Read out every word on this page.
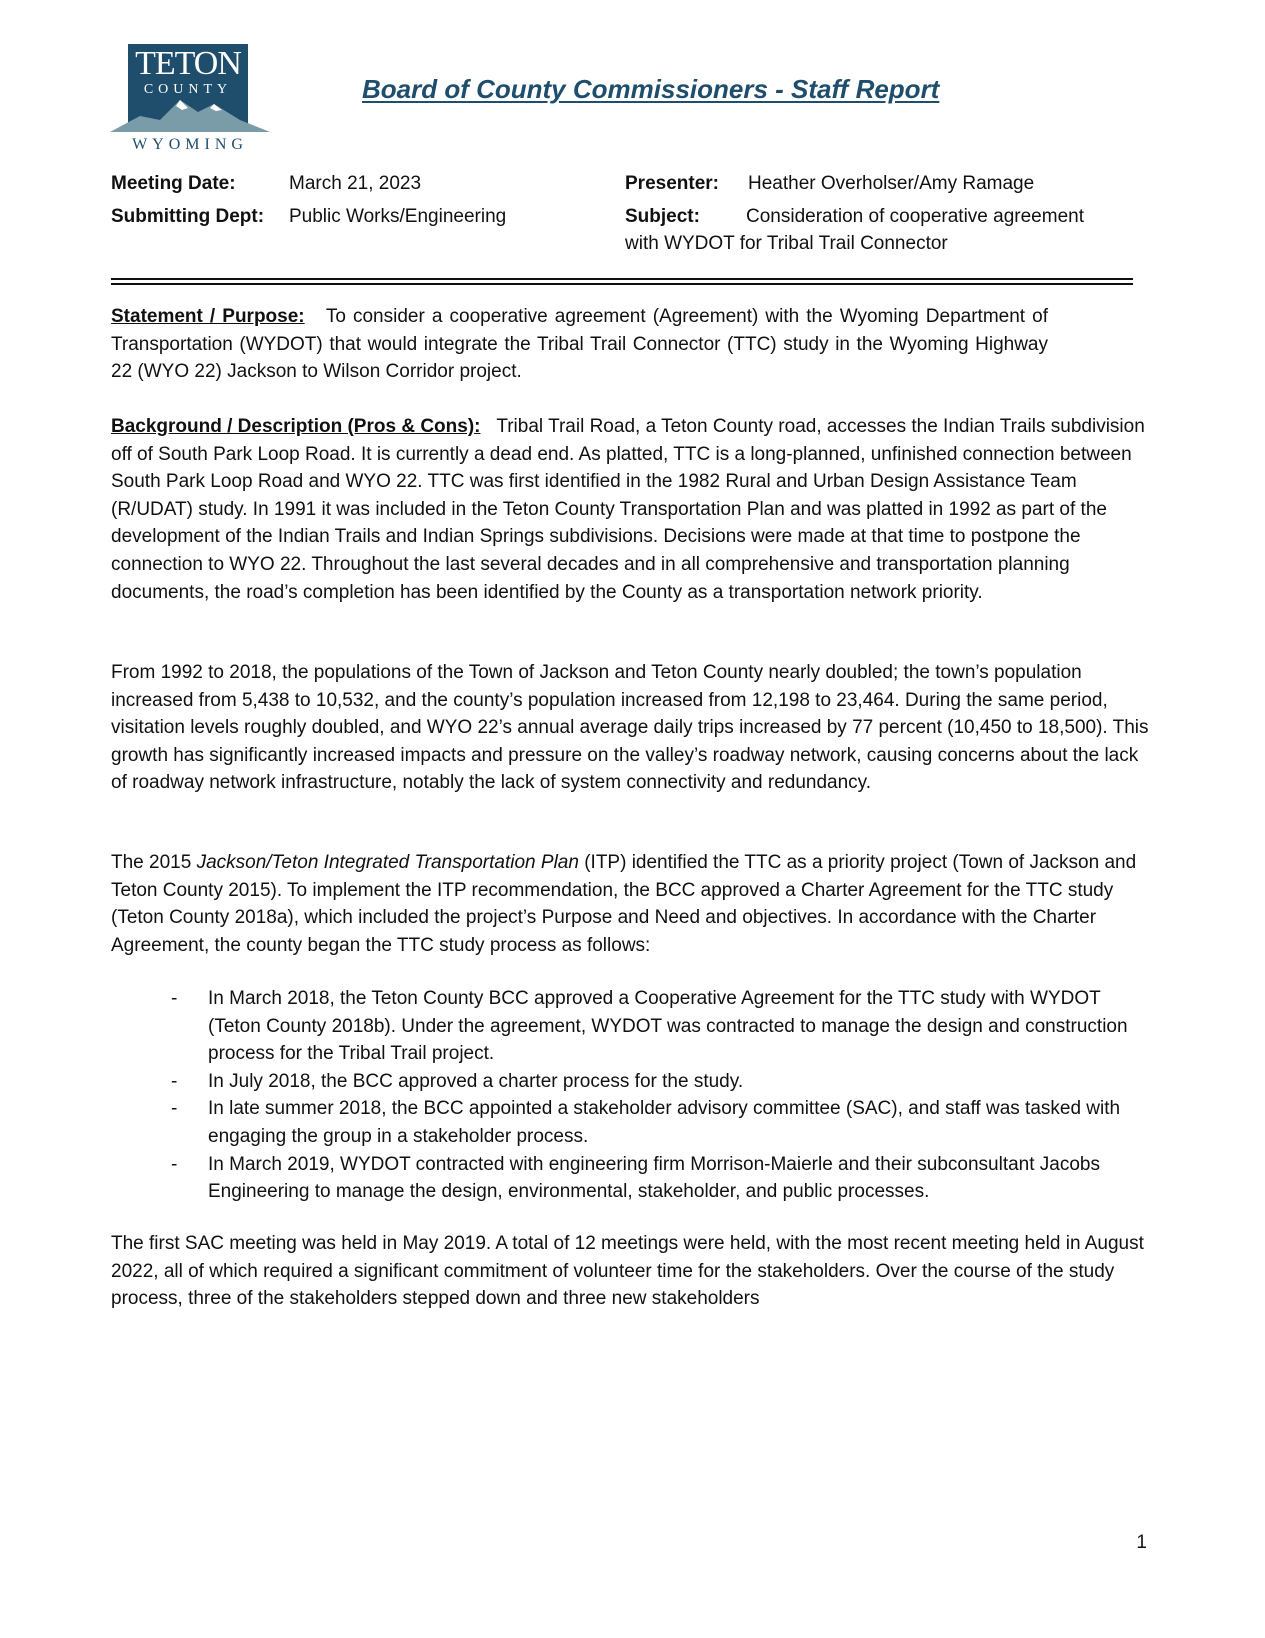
TETON
COUNTY
WYOMING
Board of County Commissioners - Staff Report
Meeting Date:	March 21, 2023
Submitting Dept: Public Works/Engineering
Presenter: Heather Overholser/Amy Ramage
Subject: Consideration of cooperative agreement
with WYDOT for Tribal Trail Connector

Statement / Purpose: To consider a cooperative agreement (Agreement) with the Wyoming Department of Transportation (WYDOT) that would integrate the Tribal Trail Connector (TTC) study in the Wyoming Highway 22 (WYO 22) Jackson to Wilson Corridor project.

Background / Description (Pros & Cons): Tribal Trail Road, a Teton County road, accesses the Indian Trails subdivision off of South Park Loop Road. It is currently a dead end. As platted, TTC is a long-planned, unfinished connection between South Park Loop Road and WYO 22. TTC was first identified in the 1982 Rural and Urban Design Assistance Team (R/UDAT) study. In 1991 it was included in the Teton County Transportation Plan and was platted in 1992 as part of the development of the Indian Trails and Indian Springs subdivisions. Decisions were made at that time to postpone the connection to WYO 22. Throughout the last several decades and in all comprehensive and transportation planning documents, the road’s completion has been identified by the County as a transportation network priority.

From 1992 to 2018, the populations of the Town of Jackson and Teton County nearly doubled; the town’s population increased from 5,438 to 10,532, and the county’s population increased from 12,198 to 23,464. During the same period, visitation levels roughly doubled, and WYO 22’s annual average daily trips increased by 77 percent (10,450 to 18,500). This growth has significantly increased impacts and pressure on the valley’s roadway network, causing concerns about the lack of roadway network infrastructure, notably the lack of system connectivity and redundancy.

The 2015 Jackson/Teton Integrated Transportation Plan (ITP) identified the TTC as a priority project (Town of Jackson and Teton County 2015). To implement the ITP recommendation, the BCC approved a Charter Agreement for the TTC study (Teton County 2018a), which included the project’s Purpose and Need and objectives. In accordance with the Charter Agreement, the county began the TTC study process as follows:

- In March 2018, the Teton County BCC approved a Cooperative Agreement for the TTC study with WYDOT (Teton County 2018b). Under the agreement, WYDOT was contracted to manage the design and construction process for the Tribal Trail project.
- In July 2018, the BCC approved a charter process for the study.
- In late summer 2018, the BCC appointed a stakeholder advisory committee (SAC), and staff was tasked with engaging the group in a stakeholder process.
- In March 2019, WYDOT contracted with engineering firm Morrison-Maierle and their subconsultant Jacobs Engineering to manage the design, environmental, stakeholder, and public processes.

The first SAC meeting was held in May 2019. A total of 12 meetings were held, with the most recent meeting held in August 2022, all of which required a significant commitment of volunteer time for the stakeholders. Over the course of the study process, three of the stakeholders stepped down and three new stakeholders

1
